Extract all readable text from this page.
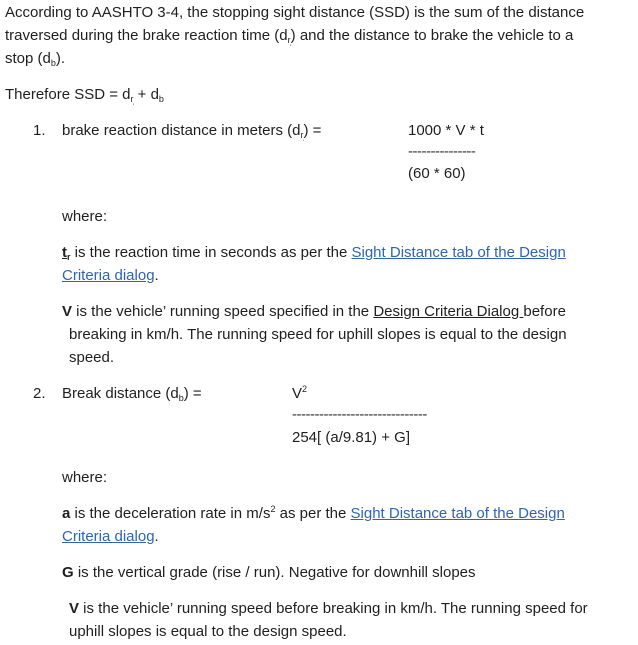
According to AASHTO 3-4, the stopping sight distance (SSD) is the sum of the distance
traversed during the brake reaction time $(d_r)$ and the distance to brake the vehicle to a
stop $(d_b)$.
Therefore SSD = $d_r + d_b$
1. brake reaction distance in meters $(d_r)$ =	1000 * V * t
---------------
(60 * 60)
where:
$t_r$ is the reaction time in seconds as per the Sight Distance tab of the Design
Criteria dialog.
V is the vehicle’ running speed specified in the Design Criteria Dialog before
breaking in km/h. The running speed for uphill slopes is equal to the design
speed.
2. Break distance $(d_b)$ =	$V^2$
------------------------------
254[ (a/9.81) + G]
where:
a is the deceleration rate in $m/s^2$ as per the Sight Distance tab of the Design
Criteria dialog.
G is the vertical grade (rise / run). Negative for downhill slopes
V is the vehicle’ running speed before breaking in km/h. The running speed for
uphill slopes is equal to the design speed.
